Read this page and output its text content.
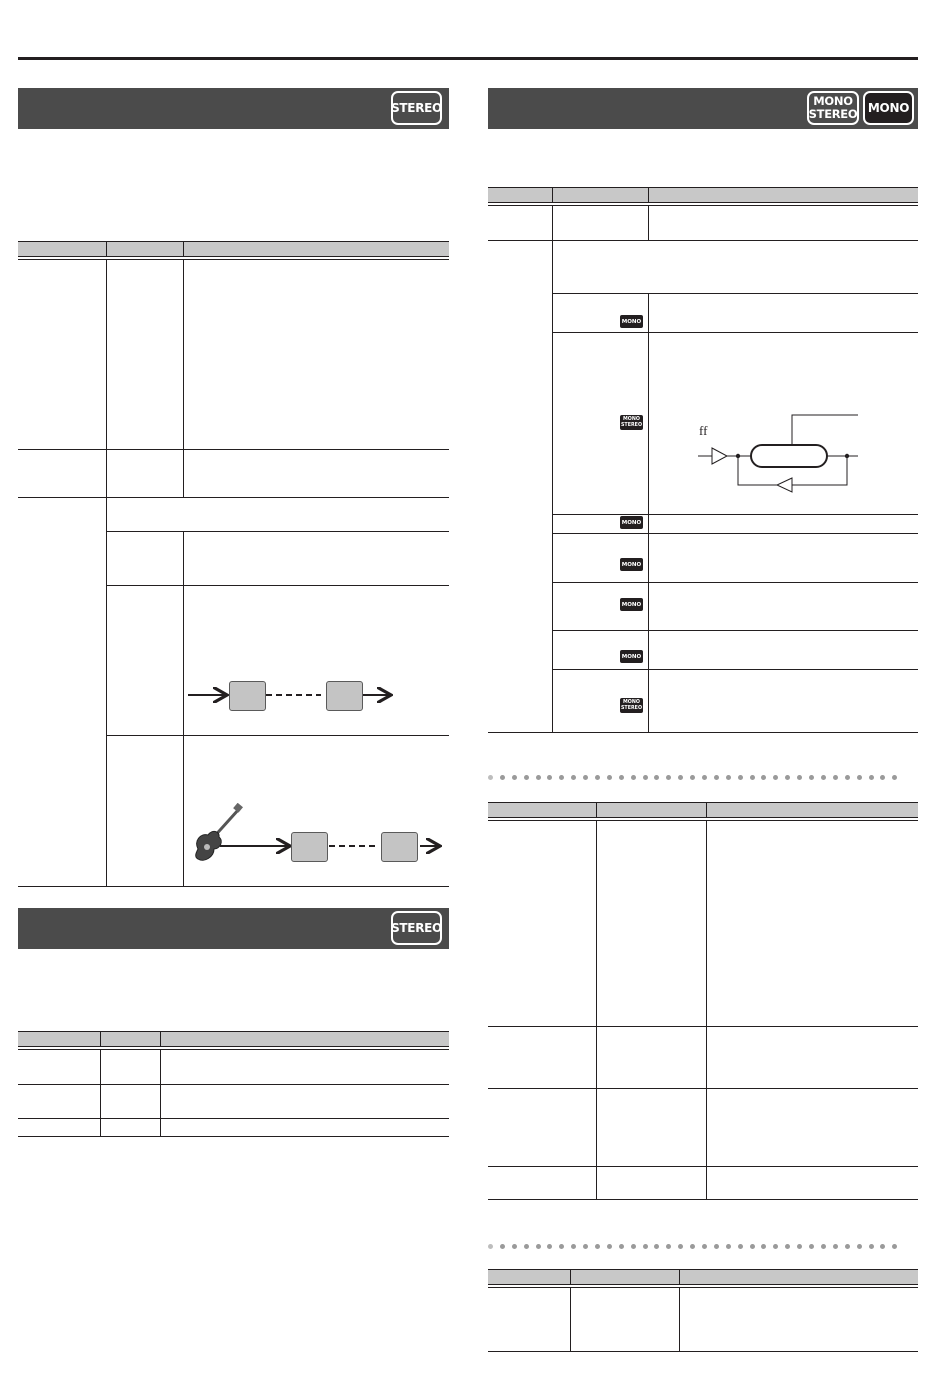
STEREO
STEREO
MONO
STEREO MONO
MONO
MONO
STEREO
MONO
MONO
MONO
MONO
MONO
STEREO
ff
